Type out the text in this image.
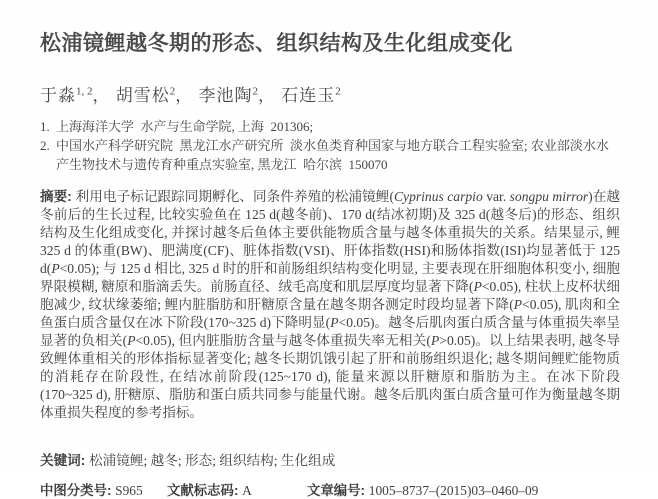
松浦镜鲤越冬期的形态、组织结构及生化组成变化
于淼$^{1, 2}$， 胡雪松$^2$， 李池陶$^2$， 石连玉$^2$
1. 上海海洋大学  水产与生命学院, 上海  201306;
2. 中国水产科学研究院  黑龙江水产研究所  淡水鱼类育种国家与地方联合工程实验室; 农业部淡水水产生物技术与遗传育种重点实验室, 黑龙江  哈尔滨  150070

摘要: 利用电子标记跟踪同期孵化、同条件养殖的松浦镜鲤(Cyprinus carpio var. songpu mirror)在越冬前后的生长过程, 比较实验鱼在 125 d(越冬前)、170 d(结冰初期)及 325 d(越冬后)的形态、组织结构及生化组成变化, 并探讨越冬后鱼体主要供能物质含量与越冬体重损失的关系。结果显示, 鲤 325 d 的体重(BW)、肥满度(CF)、脏体指数(VSI)、肝体指数(HSI)和肠体指数(ISI)均显著低于 125 d(P<0.05); 与 125 d 相比, 325 d 时的肝和前肠组织结构变化明显, 主要表现在肝细胞体积变小, 细胞界限模糊, 糖原和脂滴丢失。前肠直径、绒毛高度和肌层厚度均显著下降(P<0.05), 柱状上皮杯状细胞减少, 纹状缘萎缩; 鲤内脏脂肪和肝糖原含量在越冬期各测定时段均显著下降(P<0.05), 肌肉和全鱼蛋白质含量仅在冰下阶段(170~325 d)下降明显(P<0.05)。越冬后肌肉蛋白质含量与体重损失率呈显著的负相关(P<0.05), 但内脏脂肪含量与越冬体重损失率无相关(P>0.05)。以上结果表明, 越冬导致鲤体重相关的形体指标显著变化; 越冬长期饥饿引起了肝和前肠组织退化; 越冬期间鲤贮能物质的消耗存在阶段性, 在结冰前阶段(125~170 d), 能量来源以肝糖原和脂肪为主。在冰下阶段(170~325 d), 肝糖原、脂肪和蛋白质共同参与能量代谢。越冬后肌肉蛋白质含量可作为衡量越冬期体重损失程度的参考指标。

关键词: 松浦镜鲤; 越冬; 形态; 组织结构; 生化组成

中图分类号: S965	文献标志码: A	文章编号: 1005–8737–(2015)03–0460–09
